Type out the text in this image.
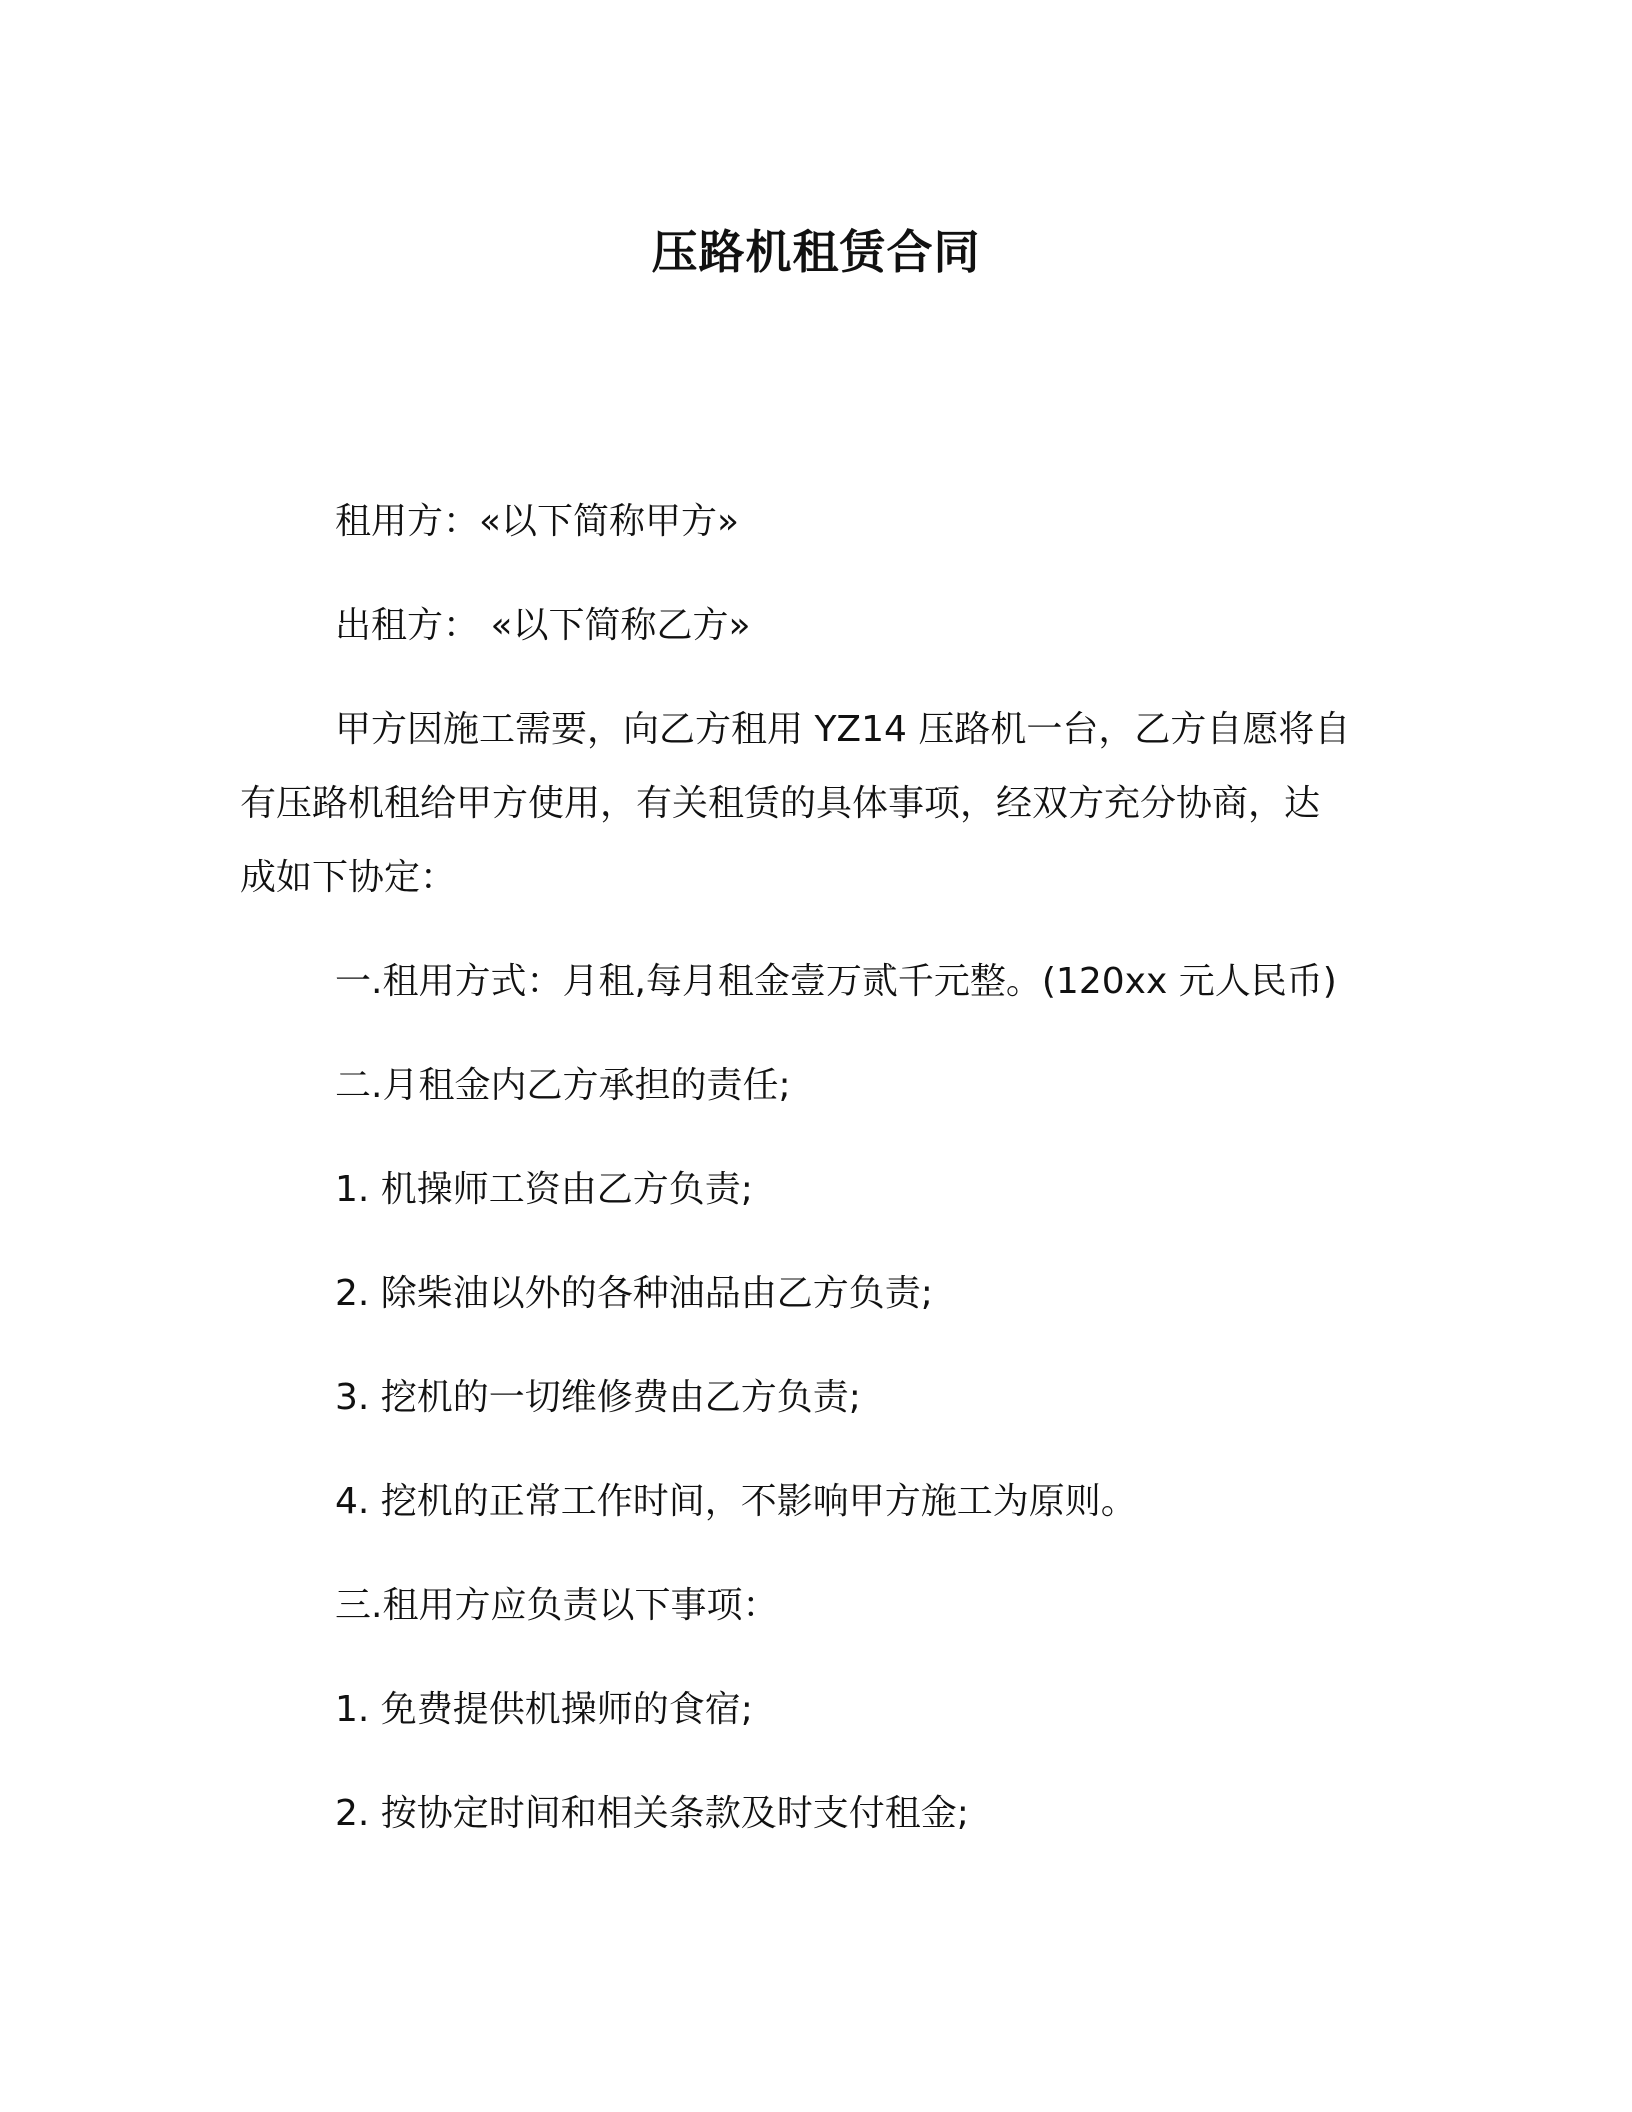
压路机租赁合同

租用方：«以下简称甲方»

出租方： «以下简称乙方»

甲方因施工需要，向乙方租用 YZ14 压路机一台，乙方自愿将自

有压路机租给甲方使用，有关租赁的具体事项，经双方充分协商，达

成如下协定：

一.租用方式：月租,每月租金壹万贰千元整。(120xx 元人民币)

二.月租金内乙方承担的责任;

1. 机操师工资由乙方负责;

2. 除柴油以外的各种油品由乙方负责;

3. 挖机的一切维修费由乙方负责;

4. 挖机的正常工作时间，不影响甲方施工为原则。

三.租用方应负责以下事项：

1. 免费提供机操师的食宿;

2. 按协定时间和相关条款及时支付租金;
